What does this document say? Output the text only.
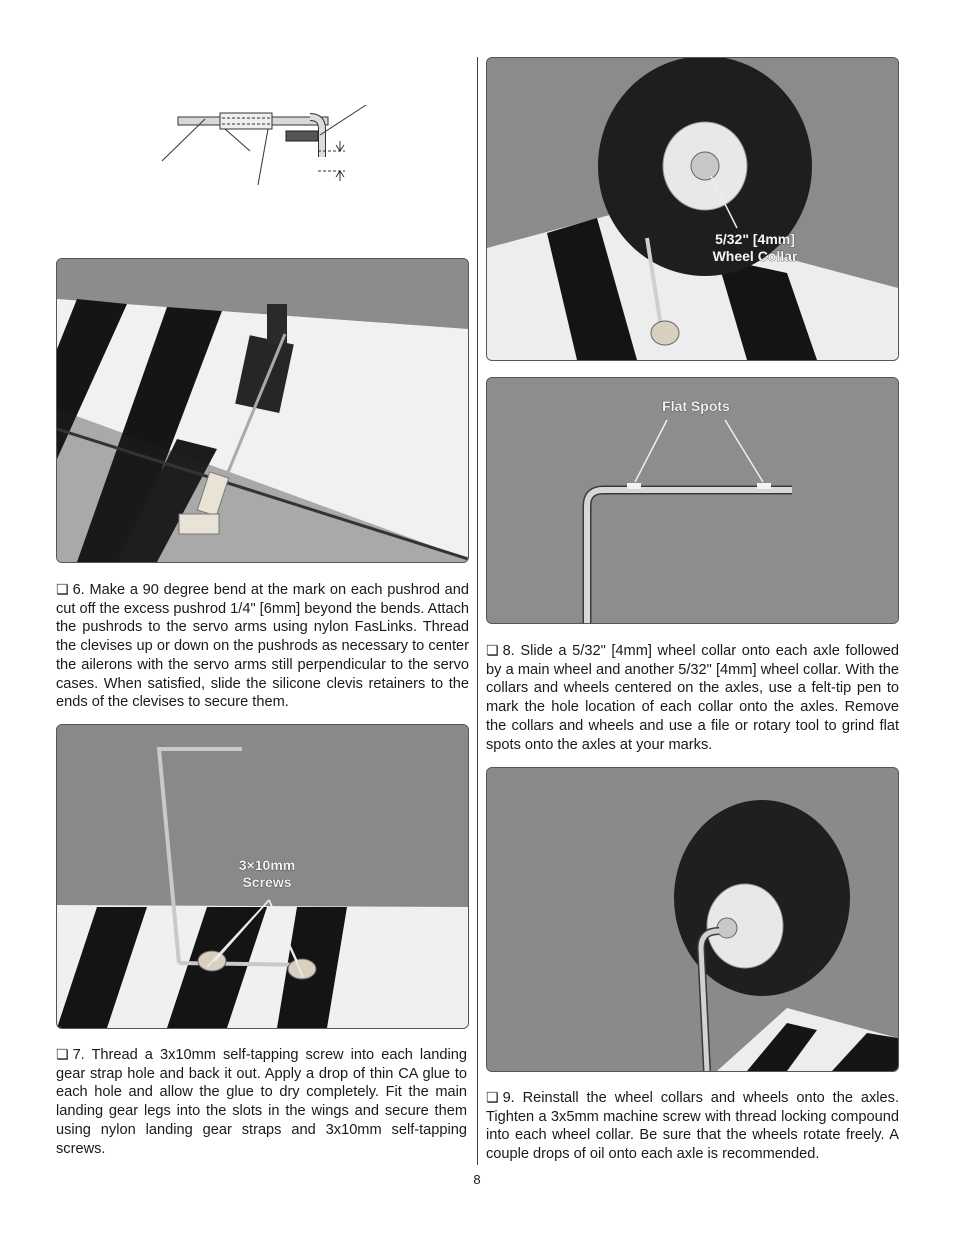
❏ 6. Make a 90 degree bend at the mark on each pushrod and cut off the excess pushrod 1/4" [6mm] beyond the bends. Attach the pushrods to the servo arms using nylon FasLinks. Thread the clevises up or down on the pushrods as necessary to center the ailerons with the servo arms still perpendicular to the servo cases. When satisfied, slide the silicone clevis retainers to the ends of the clevises to secure them.
3×10mm
Screws
❏ 7. Thread a 3x10mm self-tapping screw into each landing gear strap hole and back it out. Apply a drop of thin CA glue to each hole and allow the glue to dry completely. Fit the main landing gear legs into the slots in the wings and secure them using nylon landing gear straps and 3x10mm self-tapping screws.
5/32" [4mm]
Wheel Collar
Flat Spots
❏ 8. Slide a 5/32" [4mm] wheel collar onto each axle followed by a main wheel and another 5/32" [4mm] wheel collar. With the collars and wheels centered on the axles, use a felt-tip pen to mark the hole location of each collar onto the axles. Remove the collars and wheels and use a file or rotary tool to grind flat spots onto the axles at your marks.
❏ 9. Reinstall the wheel collars and wheels onto the axles. Tighten a 3x5mm machine screw with thread locking compound into each wheel collar. Be sure that the wheels rotate freely. A couple drops of oil onto each axle is recommended.
8
